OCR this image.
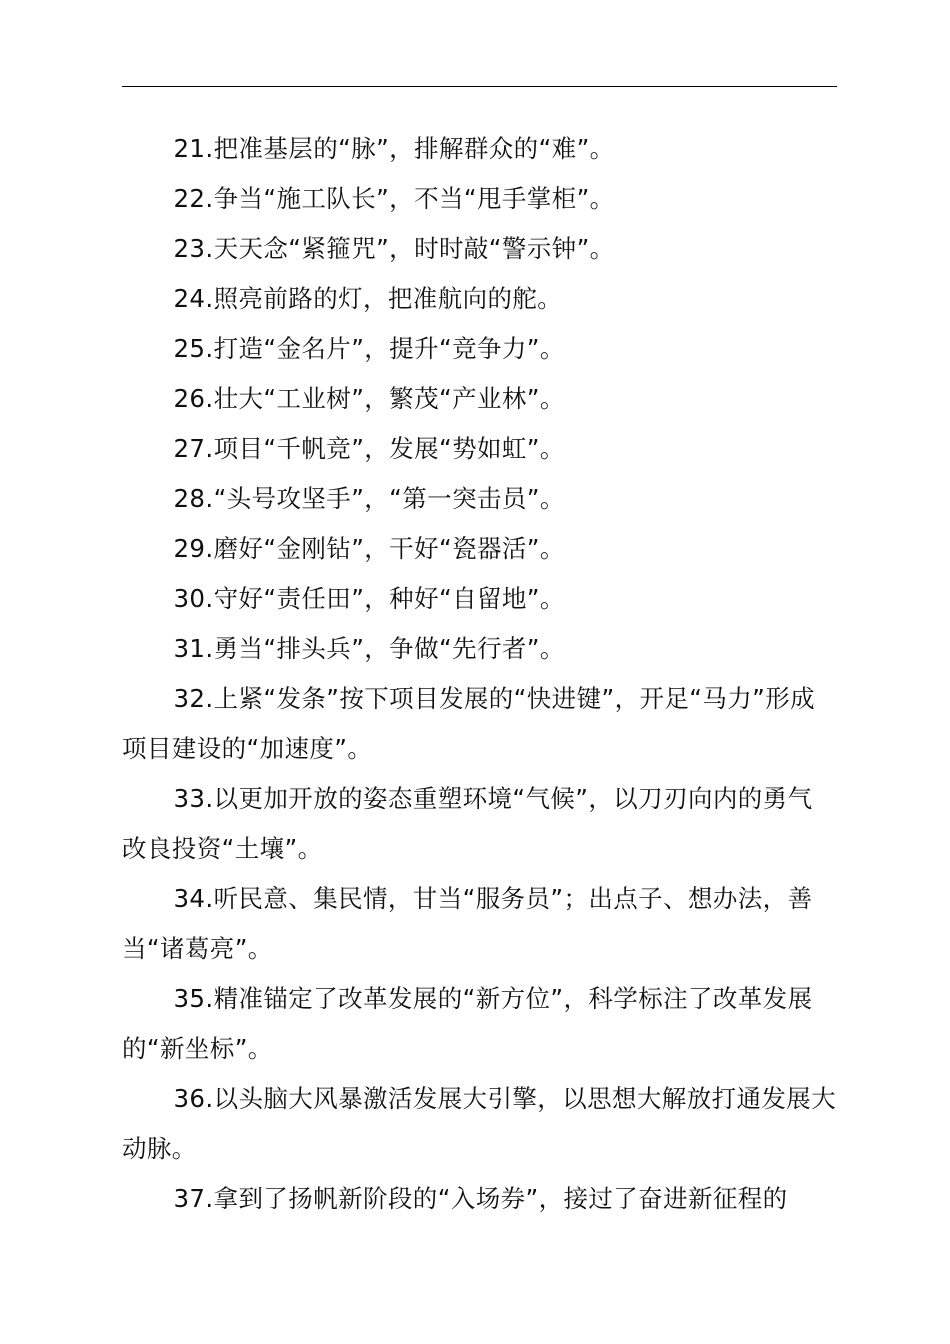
21.把准基层的“脉”，排解群众的“难”。

22.争当“施工队长”，不当“甩手掌柜”。

23.天天念“紧箍咒”，时时敲“警示钟”。

24.照亮前路的灯，把准航向的舵。

25.打造“金名片”，提升“竞争力”。

26.壮大“工业树”，繁茂“产业林”。

27.项目“千帆竞”，发展“势如虹”。

28.“头号攻坚手”，“第一突击员”。

29.磨好“金刚钻”，干好“瓷器活”。

30.守好“责任田”，种好“自留地”。

31.勇当“排头兵”，争做“先行者”。

32.上紧“发条”按下项目发展的“快进键”，开足“马力”形成项目建设的“加速度”。

33.以更加开放的姿态重塑环境“气候”，以刀刃向内的勇气改良投资“土壤”。

34.听民意、集民情，甘当“服务员”；出点子、想办法，善当“诸葛亮”。

35.精准锚定了改革发展的“新方位”，科学标注了改革发展的“新坐标”。

36.以头脑大风暴激活发展大引擎，以思想大解放打通发展大动脉。

37.拿到了扬帆新阶段的“入场券”，接过了奋进新征程的
